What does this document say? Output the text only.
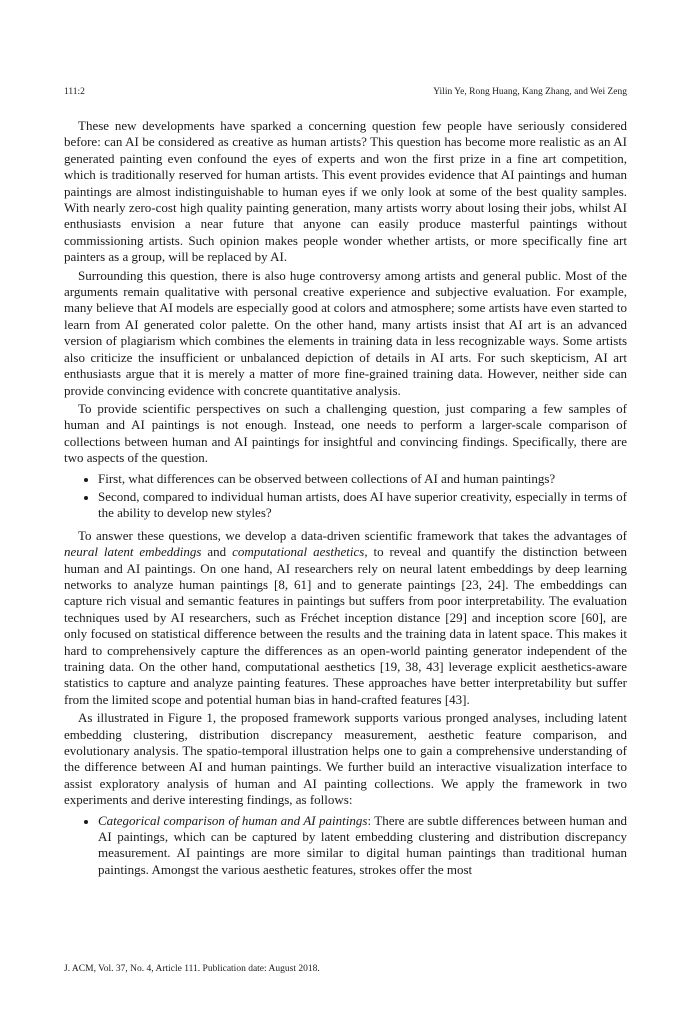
111:2	Yilin Ye, Rong Huang, Kang Zhang, and Wei Zeng

These new developments have sparked a concerning question few people have seriously considered before: can AI be considered as creative as human artists? This question has become more realistic as an AI generated painting even confound the eyes of experts and won the first prize in a fine art competition, which is traditionally reserved for human artists. This event provides evidence that AI paintings and human paintings are almost indistinguishable to human eyes if we only look at some of the best quality samples. With nearly zero-cost high quality painting generation, many artists worry about losing their jobs, whilst AI enthusiasts envision a near future that anyone can easily produce masterful paintings without commissioning artists. Such opinion makes people wonder whether artists, or more specifically fine art painters as a group, will be replaced by AI.

Surrounding this question, there is also huge controversy among artists and general public. Most of the arguments remain qualitative with personal creative experience and subjective evaluation. For example, many believe that AI models are especially good at colors and atmosphere; some artists have even started to learn from AI generated color palette. On the other hand, many artists insist that AI art is an advanced version of plagiarism which combines the elements in training data in less recognizable ways. Some artists also criticize the insufficient or unbalanced depiction of details in AI arts. For such skepticism, AI art enthusiasts argue that it is merely a matter of more fine-grained training data. However, neither side can provide convincing evidence with concrete quantitative analysis.

To provide scientific perspectives on such a challenging question, just comparing a few samples of human and AI paintings is not enough. Instead, one needs to perform a larger-scale comparison of collections between human and AI paintings for insightful and convincing findings. Specifically, there are two aspects of the question.

• First, what differences can be observed between collections of AI and human paintings?
• Second, compared to individual human artists, does AI have superior creativity, especially in terms of the ability to develop new styles?

To answer these questions, we develop a data-driven scientific framework that takes the advantages of neural latent embeddings and computational aesthetics, to reveal and quantify the distinction between human and AI paintings. On one hand, AI researchers rely on neural latent embeddings by deep learning networks to analyze human paintings [8, 61] and to generate paintings [23, 24]. The embeddings can capture rich visual and semantic features in paintings but suffers from poor interpretability. The evaluation techniques used by AI researchers, such as Fréchet inception distance [29] and inception score [60], are only focused on statistical difference between the results and the training data in latent space. This makes it hard to comprehensively capture the differences as an open-world painting generator independent of the training data. On the other hand, computational aesthetics [19, 38, 43] leverage explicit aesthetics-aware statistics to capture and analyze painting features. These approaches have better interpretability but suffer from the limited scope and potential human bias in hand-crafted features [43].

As illustrated in Figure 1, the proposed framework supports various pronged analyses, including latent embedding clustering, distribution discrepancy measurement, aesthetic feature comparison, and evolutionary analysis. The spatio-temporal illustration helps one to gain a comprehensive understanding of the difference between AI and human paintings. We further build an interactive visualization interface to assist exploratory analysis of human and AI painting collections. We apply the framework in two experiments and derive interesting findings, as follows:

• Categorical comparison of human and AI paintings: There are subtle differences between human and AI paintings, which can be captured by latent embedding clustering and distribution discrepancy measurement. AI paintings are more similar to digital human paintings than traditional human paintings. Amongst the various aesthetic features, strokes offer the most
J. ACM, Vol. 37, No. 4, Article 111. Publication date: August 2018.
